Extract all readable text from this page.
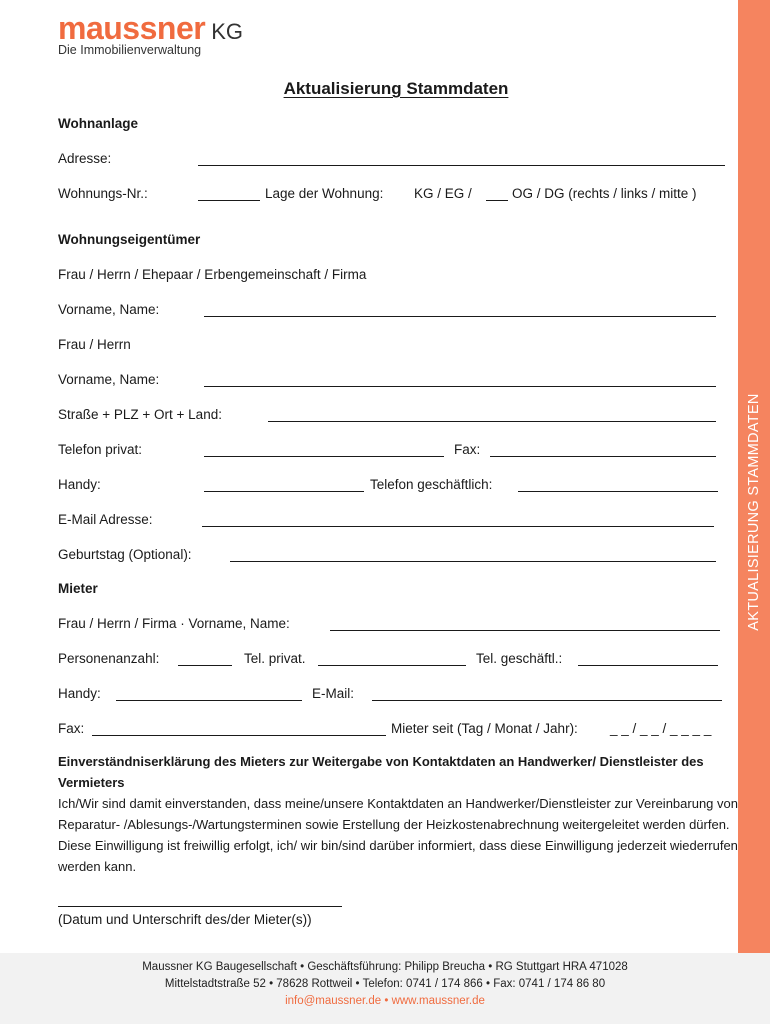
AKTUALISIERUNG STAMMDATEN
maussner KG
Die Immobilienverwaltung
Aktualisierung Stammdaten
Wohnanlage
Adresse:
Wohnungs-Nr.:	Lage der Wohnung: KG / EG /	OG / DG (rechts / links / mitte )
Wohnungseigentümer
Frau / Herrn / Ehepaar / Erbengemeinschaft / Firma
Vorname, Name:
Frau / Herrn
Vorname, Name:
Straße + PLZ + Ort + Land:
Telefon privat:	Fax:
Handy:	Telefon geschäftlich:
E-Mail Adresse:
Geburtstag (Optional):
Mieter
Frau / Herrn / Firma · Vorname, Name:
Personenanzahl:	Tel. privat.	Tel. geschäftl.:
Handy:	E-Mail:
Fax:	Mieter seit (Tag / Monat / Jahr): _ _ / _ _ / _ _ _ _
Einverständniserklärung des Mieters zur Weitergabe von Kontaktdaten an Handwerker/ Dienstleister des Vermieters
Ich/Wir sind damit einverstanden, dass meine/unsere Kontaktdaten an Handwerker/Dienstleister zur Vereinbarung von Reparatur- /Ablesungs-/Wartungsterminen sowie Erstellung der Heizkostenabrechnung weitergeleitet werden dürfen. Diese Einwilligung ist freiwillig erfolgt, ich/ wir bin/sind darüber informiert, dass diese Einwilligung jederzeit wiederrufen werden kann.
(Datum und Unterschrift des/der Mieter(s))
Maussner KG Baugesellschaft • Geschäftsführung: Philipp Breucha • RG Stuttgart HRA 471028
Mittelstadtstraße 52 • 78628 Rottweil • Telefon: 0741 / 174 866 • Fax: 0741 / 174 86 80
info@maussner.de • www.maussner.de
